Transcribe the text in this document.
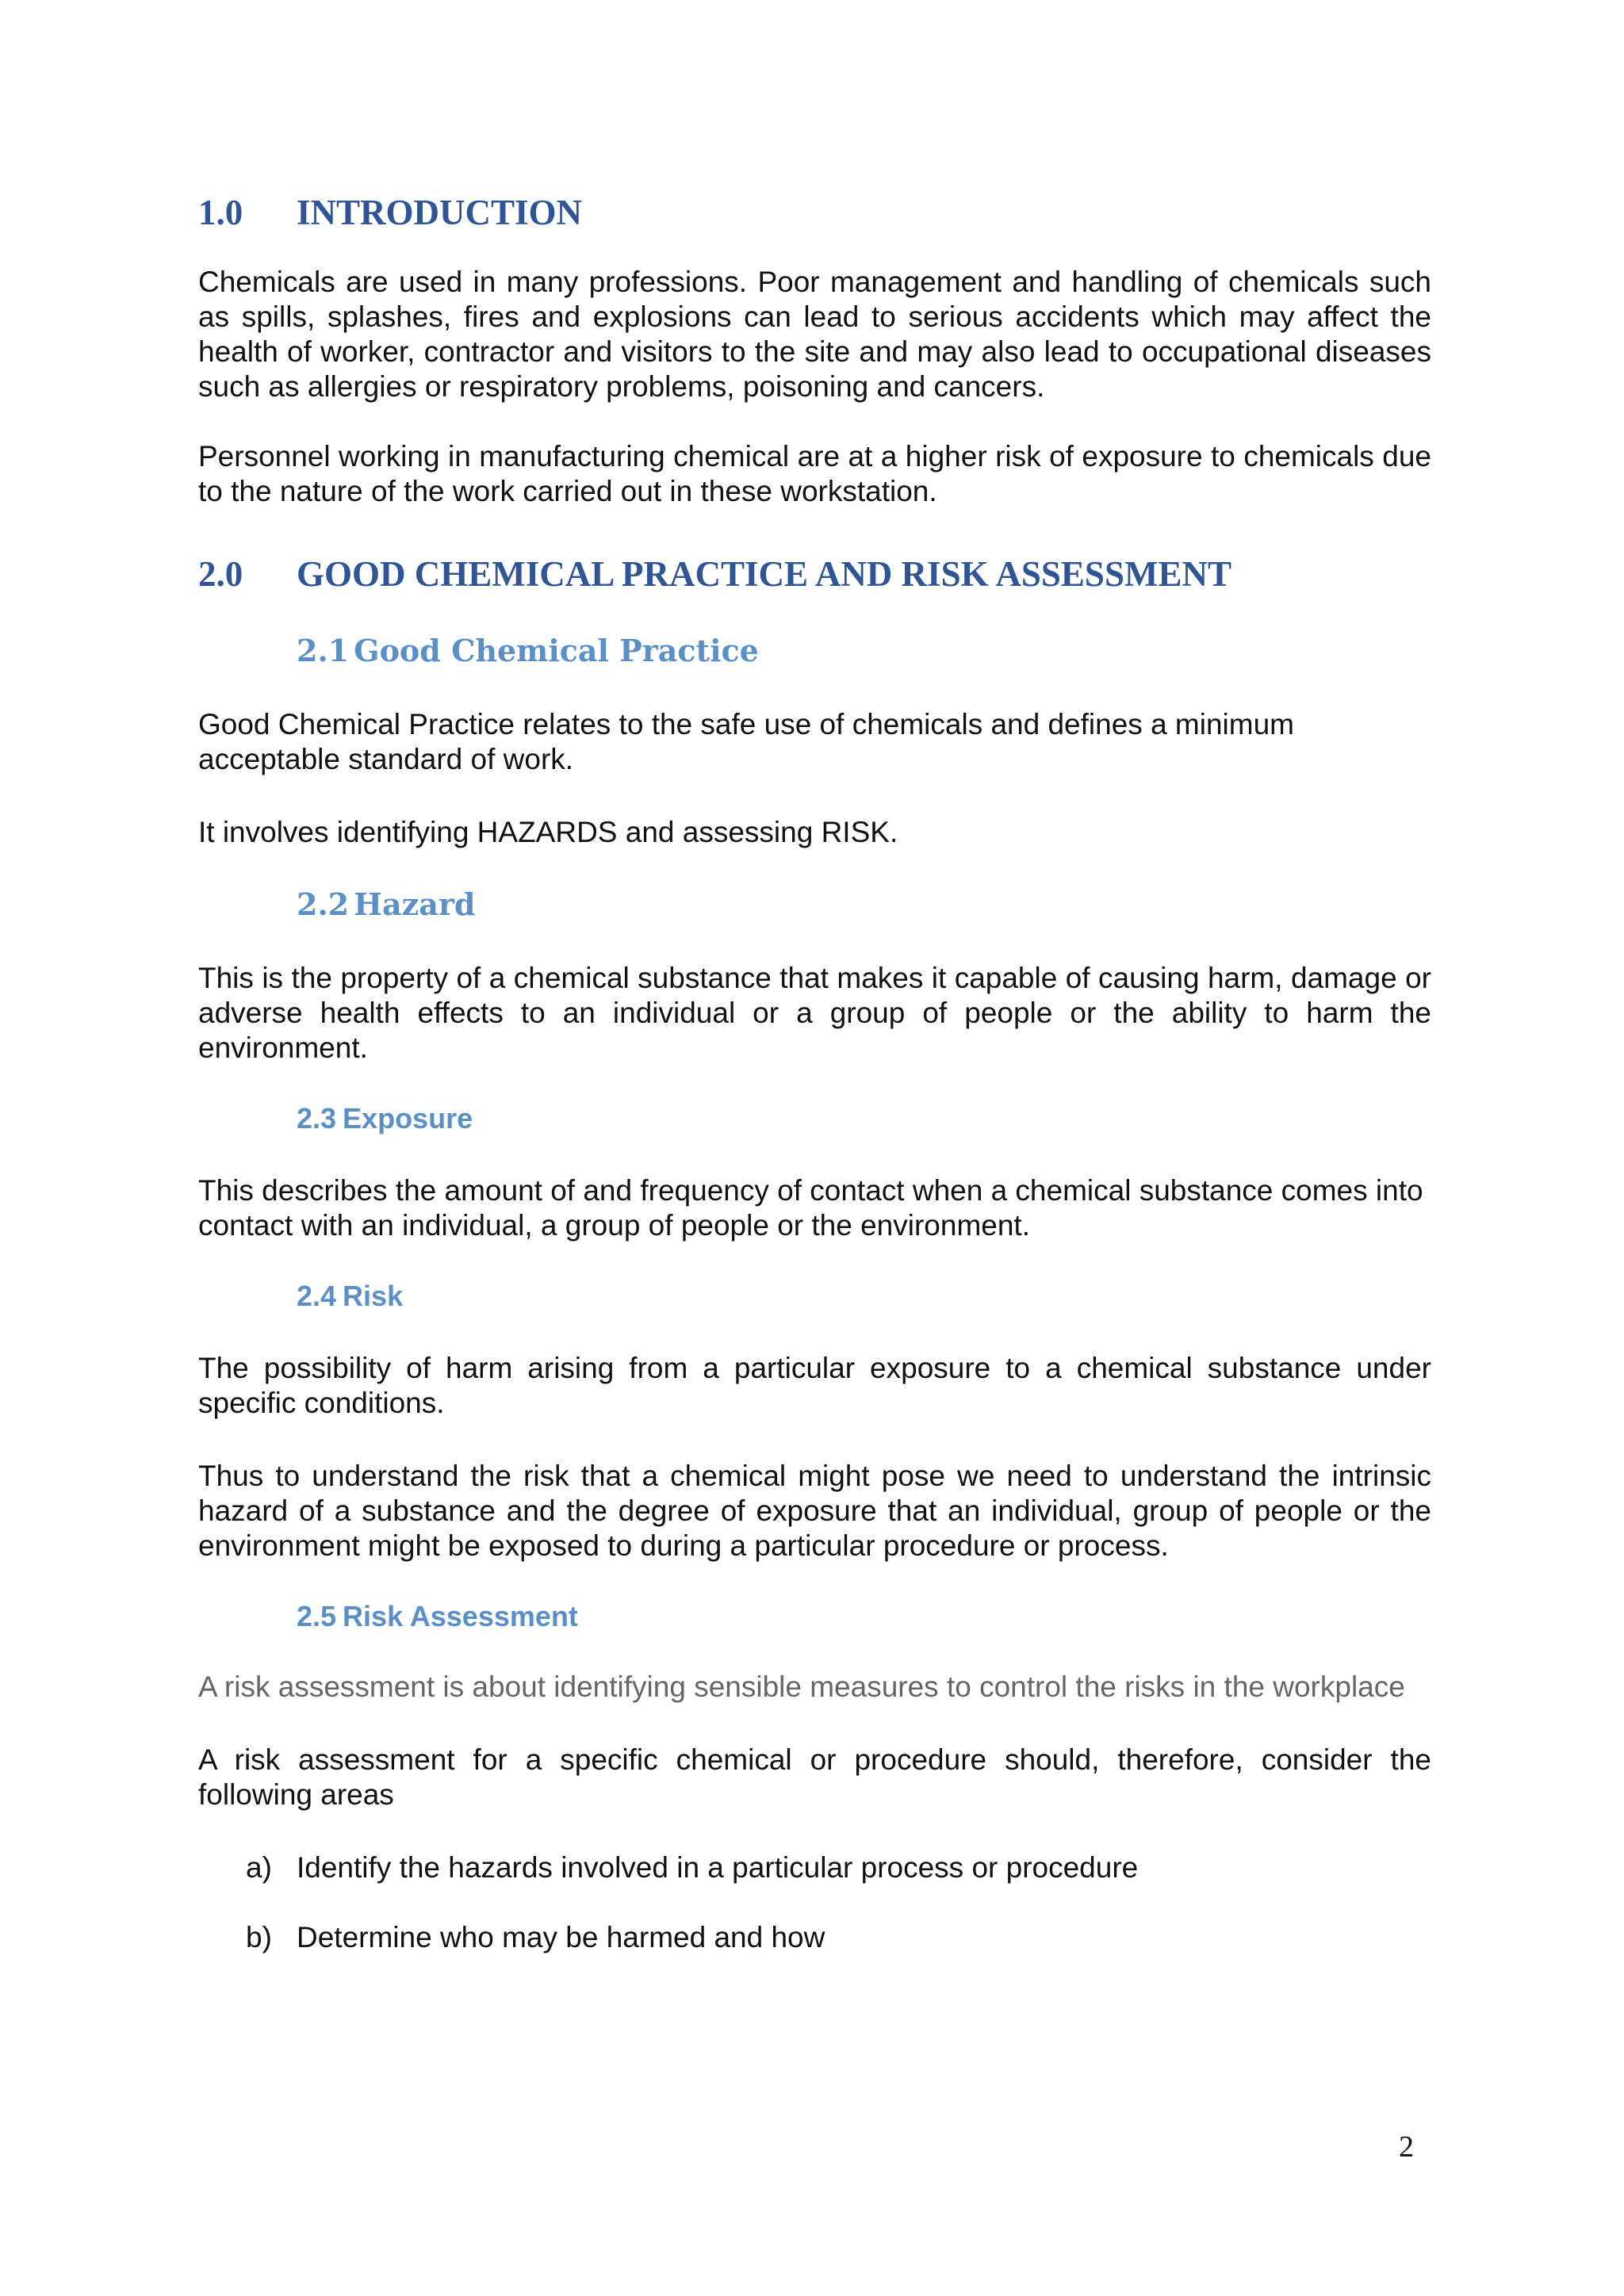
1.0	INTRODUCTION

Chemicals are used in many professions. Poor management and handling of chemicals such as spills, splashes, fires and explosions can lead to serious accidents which may affect the health of worker, contractor and visitors to the site and may also lead to occupational diseases such as allergies or respiratory problems, poisoning and cancers.

Personnel working in manufacturing chemical are at a higher risk of exposure to chemicals due to the nature of the work carried out in these workstation.

2.0	GOOD CHEMICAL PRACTICE AND RISK ASSESSMENT
2.1 Good Chemical Practice

Good Chemical Practice relates to the safe use of chemicals and defines a minimum acceptable standard of work.

It involves identifying HAZARDS and assessing RISK.

2.2 Hazard

This is the property of a chemical substance that makes it capable of causing harm, damage or adverse health effects to an individual or a group of people or the ability to harm the environment.

2.3 Exposure

This describes the amount of and frequency of contact when a chemical substance comes into contact with an individual, a group of people or the environment.

2.4 Risk

The possibility of harm arising from a particular exposure to a chemical substance under specific conditions.

Thus to understand the risk that a chemical might pose we need to understand the intrinsic hazard of a substance and the degree of exposure that an individual, group of people or the environment might be exposed to during a particular procedure or process.

2.5 Risk Assessment

A risk assessment is about identifying sensible measures to control the risks in the workplace

A risk assessment for a specific chemical or procedure should, therefore, consider the following areas

a) Identify the hazards involved in a particular process or procedure
b) Determine who may be harmed and how
2
